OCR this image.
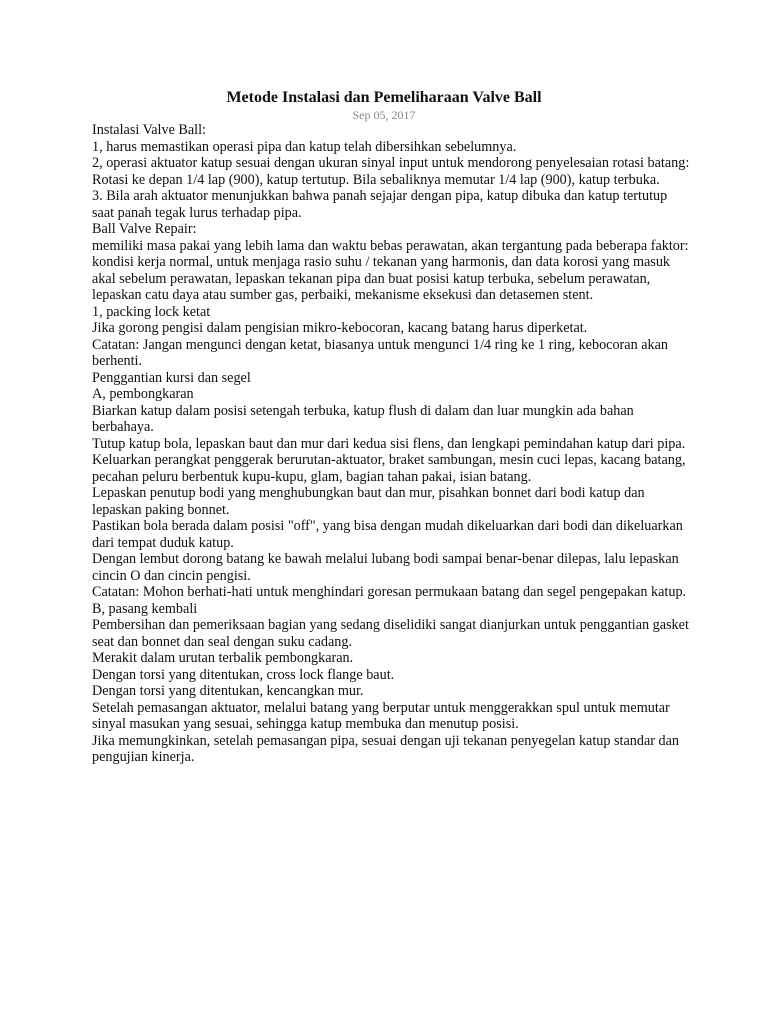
Metode Instalasi dan Pemeliharaan Valve Ball
Sep 05, 2017

Instalasi Valve Ball:

1, harus memastikan operasi pipa dan katup telah dibersihkan sebelumnya.

2, operasi aktuator katup sesuai dengan ukuran sinyal input untuk mendorong penyelesaian rotasi batang: Rotasi ke depan 1/4 lap (900), katup tertutup. Bila sebaliknya memutar 1/4 lap (900), katup terbuka.

3. Bila arah aktuator menunjukkan bahwa panah sejajar dengan pipa, katup dibuka dan katup tertutup saat panah tegak lurus terhadap pipa.

Ball Valve Repair:

memiliki masa pakai yang lebih lama dan waktu bebas perawatan, akan tergantung pada beberapa faktor: kondisi kerja normal, untuk menjaga rasio suhu / tekanan yang harmonis, dan data korosi yang masuk akal sebelum perawatan, lepaskan tekanan pipa dan buat posisi katup terbuka, sebelum perawatan, lepaskan catu daya atau sumber gas, perbaiki, mekanisme eksekusi dan detasemen stent.

1, packing lock ketat

Jika gorong pengisi dalam pengisian mikro-kebocoran, kacang batang harus diperketat.

Catatan: Jangan mengunci dengan ketat, biasanya untuk mengunci 1/4 ring ke 1 ring, kebocoran akan berhenti.

Penggantian kursi dan segel

A, pembongkaran

Biarkan katup dalam posisi setengah terbuka, katup flush di dalam dan luar mungkin ada bahan berbahaya.

Tutup katup bola, lepaskan baut dan mur dari kedua sisi flens, dan lengkapi pemindahan katup dari pipa.

Keluarkan perangkat penggerak berurutan-aktuator, braket sambungan, mesin cuci lepas, kacang batang, pecahan peluru berbentuk kupu-kupu, glam, bagian tahan pakai, isian batang.

Lepaskan penutup bodi yang menghubungkan baut dan mur, pisahkan bonnet dari bodi katup dan lepaskan paking bonnet.

Pastikan bola berada dalam posisi "off", yang bisa dengan mudah dikeluarkan dari bodi dan dikeluarkan dari tempat duduk katup.

Dengan lembut dorong batang ke bawah melalui lubang bodi sampai benar-benar dilepas, lalu lepaskan cincin O dan cincin pengisi.

Catatan: Mohon berhati-hati untuk menghindari goresan permukaan batang dan segel pengepakan katup.

B, pasang kembali

Pembersihan dan pemeriksaan bagian yang sedang diselidiki sangat dianjurkan untuk penggantian gasket seat dan bonnet dan seal dengan suku cadang.

Merakit dalam urutan terbalik pembongkaran.

Dengan torsi yang ditentukan, cross lock flange baut.

Dengan torsi yang ditentukan, kencangkan mur.

Setelah pemasangan aktuator, melalui batang yang berputar untuk menggerakkan spul untuk memutar sinyal masukan yang sesuai, sehingga katup membuka dan menutup posisi.

Jika memungkinkan, setelah pemasangan pipa, sesuai dengan uji tekanan penyegelan katup standar dan pengujian kinerja.
